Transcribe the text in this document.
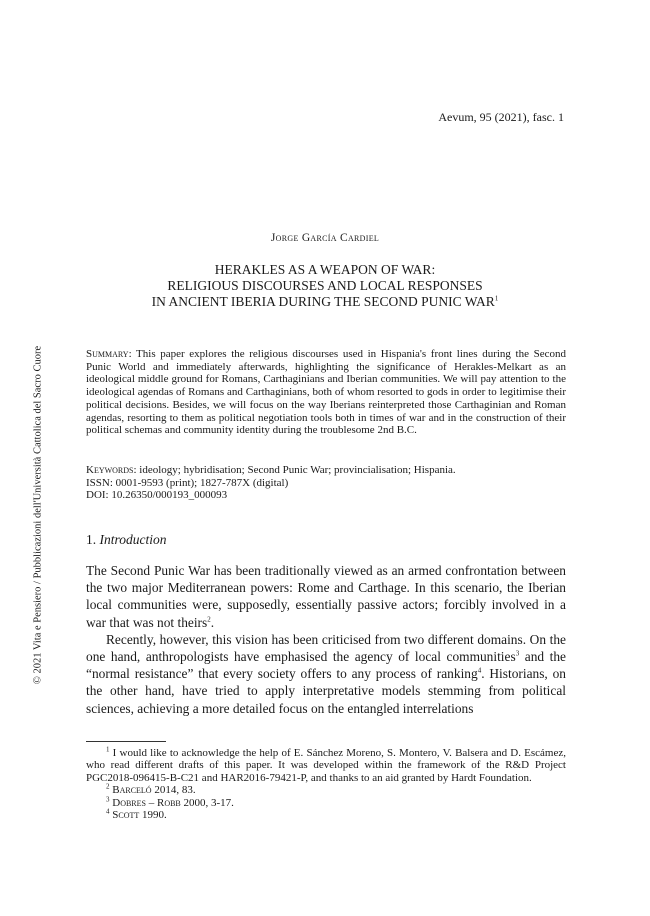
Aevum, 95 (2021), fasc. 1
Jorge García Cardiel
HERAKLES AS A WEAPON OF WAR:
RELIGIOUS DISCOURSES AND LOCAL RESPONSES
IN ANCIENT IBERIA DURING THE SECOND PUNIC WAR$^1$
Summary: This paper explores the religious discourses used in Hispania's front lines during the Second Punic World and immediately afterwards, highlighting the significance of Herakles-Melkart as an ideological middle ground for Romans, Carthaginians and Iberian communities. We will pay attention to the ideological agendas of Romans and Carthaginians, both of whom resorted to gods in order to legitimise their political decisions. Besides, we will focus on the way Iberians reinterpreted those Carthaginian and Roman agendas, resorting to them as political negotiation tools both in times of war and in the construction of their political schemas and community identity during the troublesome 2nd B.C.
Keywords: ideology; hybridisation; Second Punic War; provincialisation; Hispania.
ISSN: 0001-9593 (print); 1827-787X (digital)
DOI: 10.26350/000193_000093
1. Introduction

The Second Punic War has been traditionally viewed as an armed confrontation between the two major Mediterranean powers: Rome and Carthage. In this scenario, the Iberian local communities were, supposedly, essentially passive actors; forcibly involved in a war that was not theirs$^2$.

Recently, however, this vision has been criticised from two different domains. On the one hand, anthropologists have emphasised the agency of local communities$^3$ and the “normal resistance” that every society offers to any process of ranking$^4$. Historians, on the other hand, have tried to apply interpretative models stemming from political sciences, achieving a more detailed focus on the entangled interrelations

$^1$ I would like to acknowledge the help of E. Sánchez Moreno, S. Montero, V. Balsera and D. Escámez, who read different drafts of this paper. It was developed within the framework of the R&D Project PGC2018-096415-B-C21 and HAR2016-79421-P, and thanks to an aid granted by Hardt Foundation.

$^2$ Barceló 2014, 83.

$^3$ Dobres – Robb 2000, 3-17.

$^4$ Scott 1990.

© 2021 Vita e Pensiero / Pubblicazioni dell'Università Cattolica del Sacro Cuore
